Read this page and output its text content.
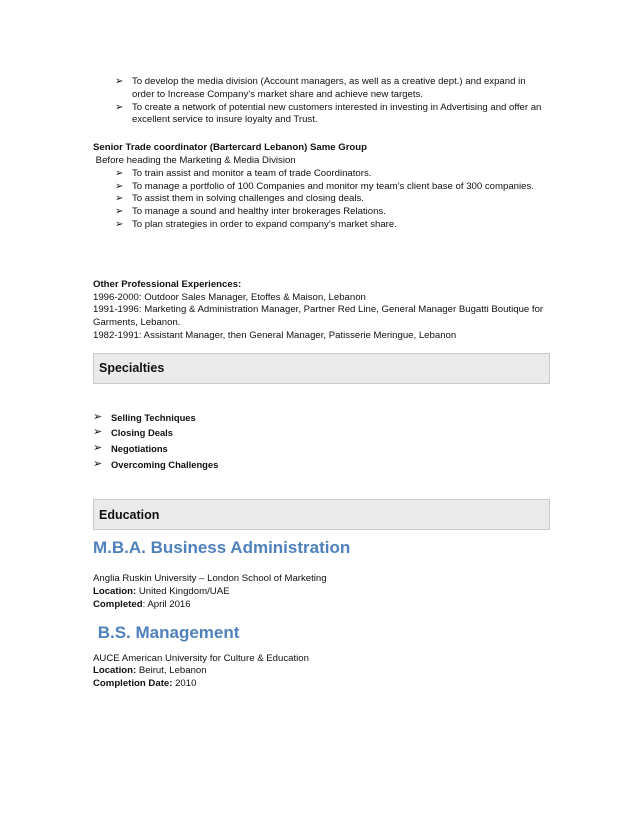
➢ To develop the media division (Account managers, as well as a creative dept.) and expand in order to Increase Company’s market share and achieve new targets.
➢ To create a network of potential new customers interested in investing in Advertising and offer an excellent service to insure loyalty and Trust.
Senior Trade coordinator (Bartercard Lebanon) Same Group
Before heading the Marketing & Media Division
➢ To train assist and monitor a team of trade Coordinators.
➢ To manage a portfolio of 100 Companies and monitor my team’s client base of 300 companies.
➢ To assist them in solving challenges and closing deals.
➢ To manage a sound and healthy inter brokerages Relations.
➢ To plan strategies in order to expand company’s market share.
Other Professional Experiences:
1996-2000: Outdoor Sales Manager, Etoffes & Maison, Lebanon
1991-1996: Marketing & Administration Manager, Partner Red Line, General Manager Bugatti Boutique for Garments, Lebanon.
1982-1991: Assistant Manager, then General Manager, Patisserie Meringue, Lebanon
Specialties
➢ Selling Techniques
➢ Closing Deals
➢ Negotiations
➢ Overcoming Challenges
Education
M.B.A. Business Administration
Anglia Ruskin University – London School of Marketing
Location: United Kingdom/UAE
Completed: April 2016
B.S. Management
AUCE American University for Culture & Education
Location: Beirut, Lebanon
Completion Date: 2010
